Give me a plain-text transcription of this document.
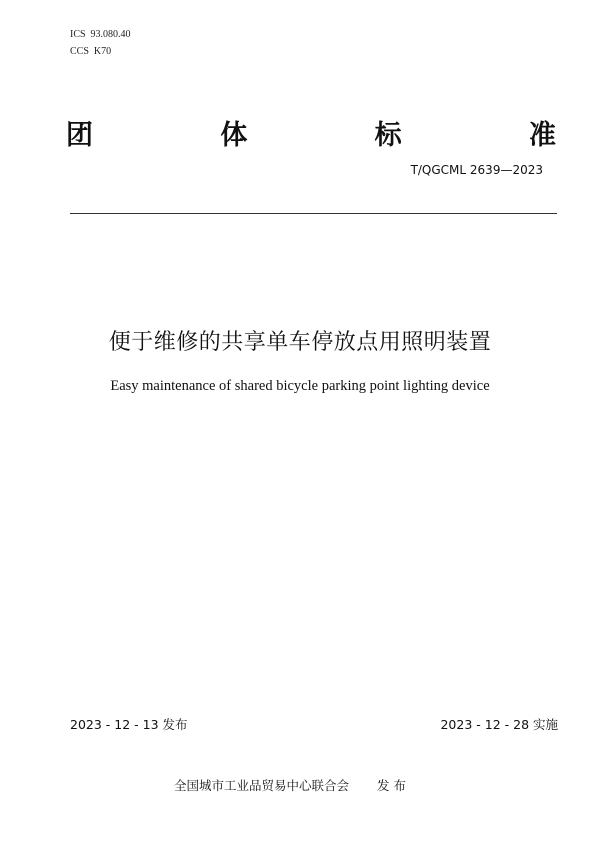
ICS  93.080.40
CCS  K70
团	体	标	准
T/QGCML 2639—2023
便于维修的共享单车停放点用照明装置
Easy maintenance of shared bicycle parking point lighting device
2023 - 12 - 13 发布	2023 - 12 - 28 实施
全国城市工业品贸易中心联合会 发 布
